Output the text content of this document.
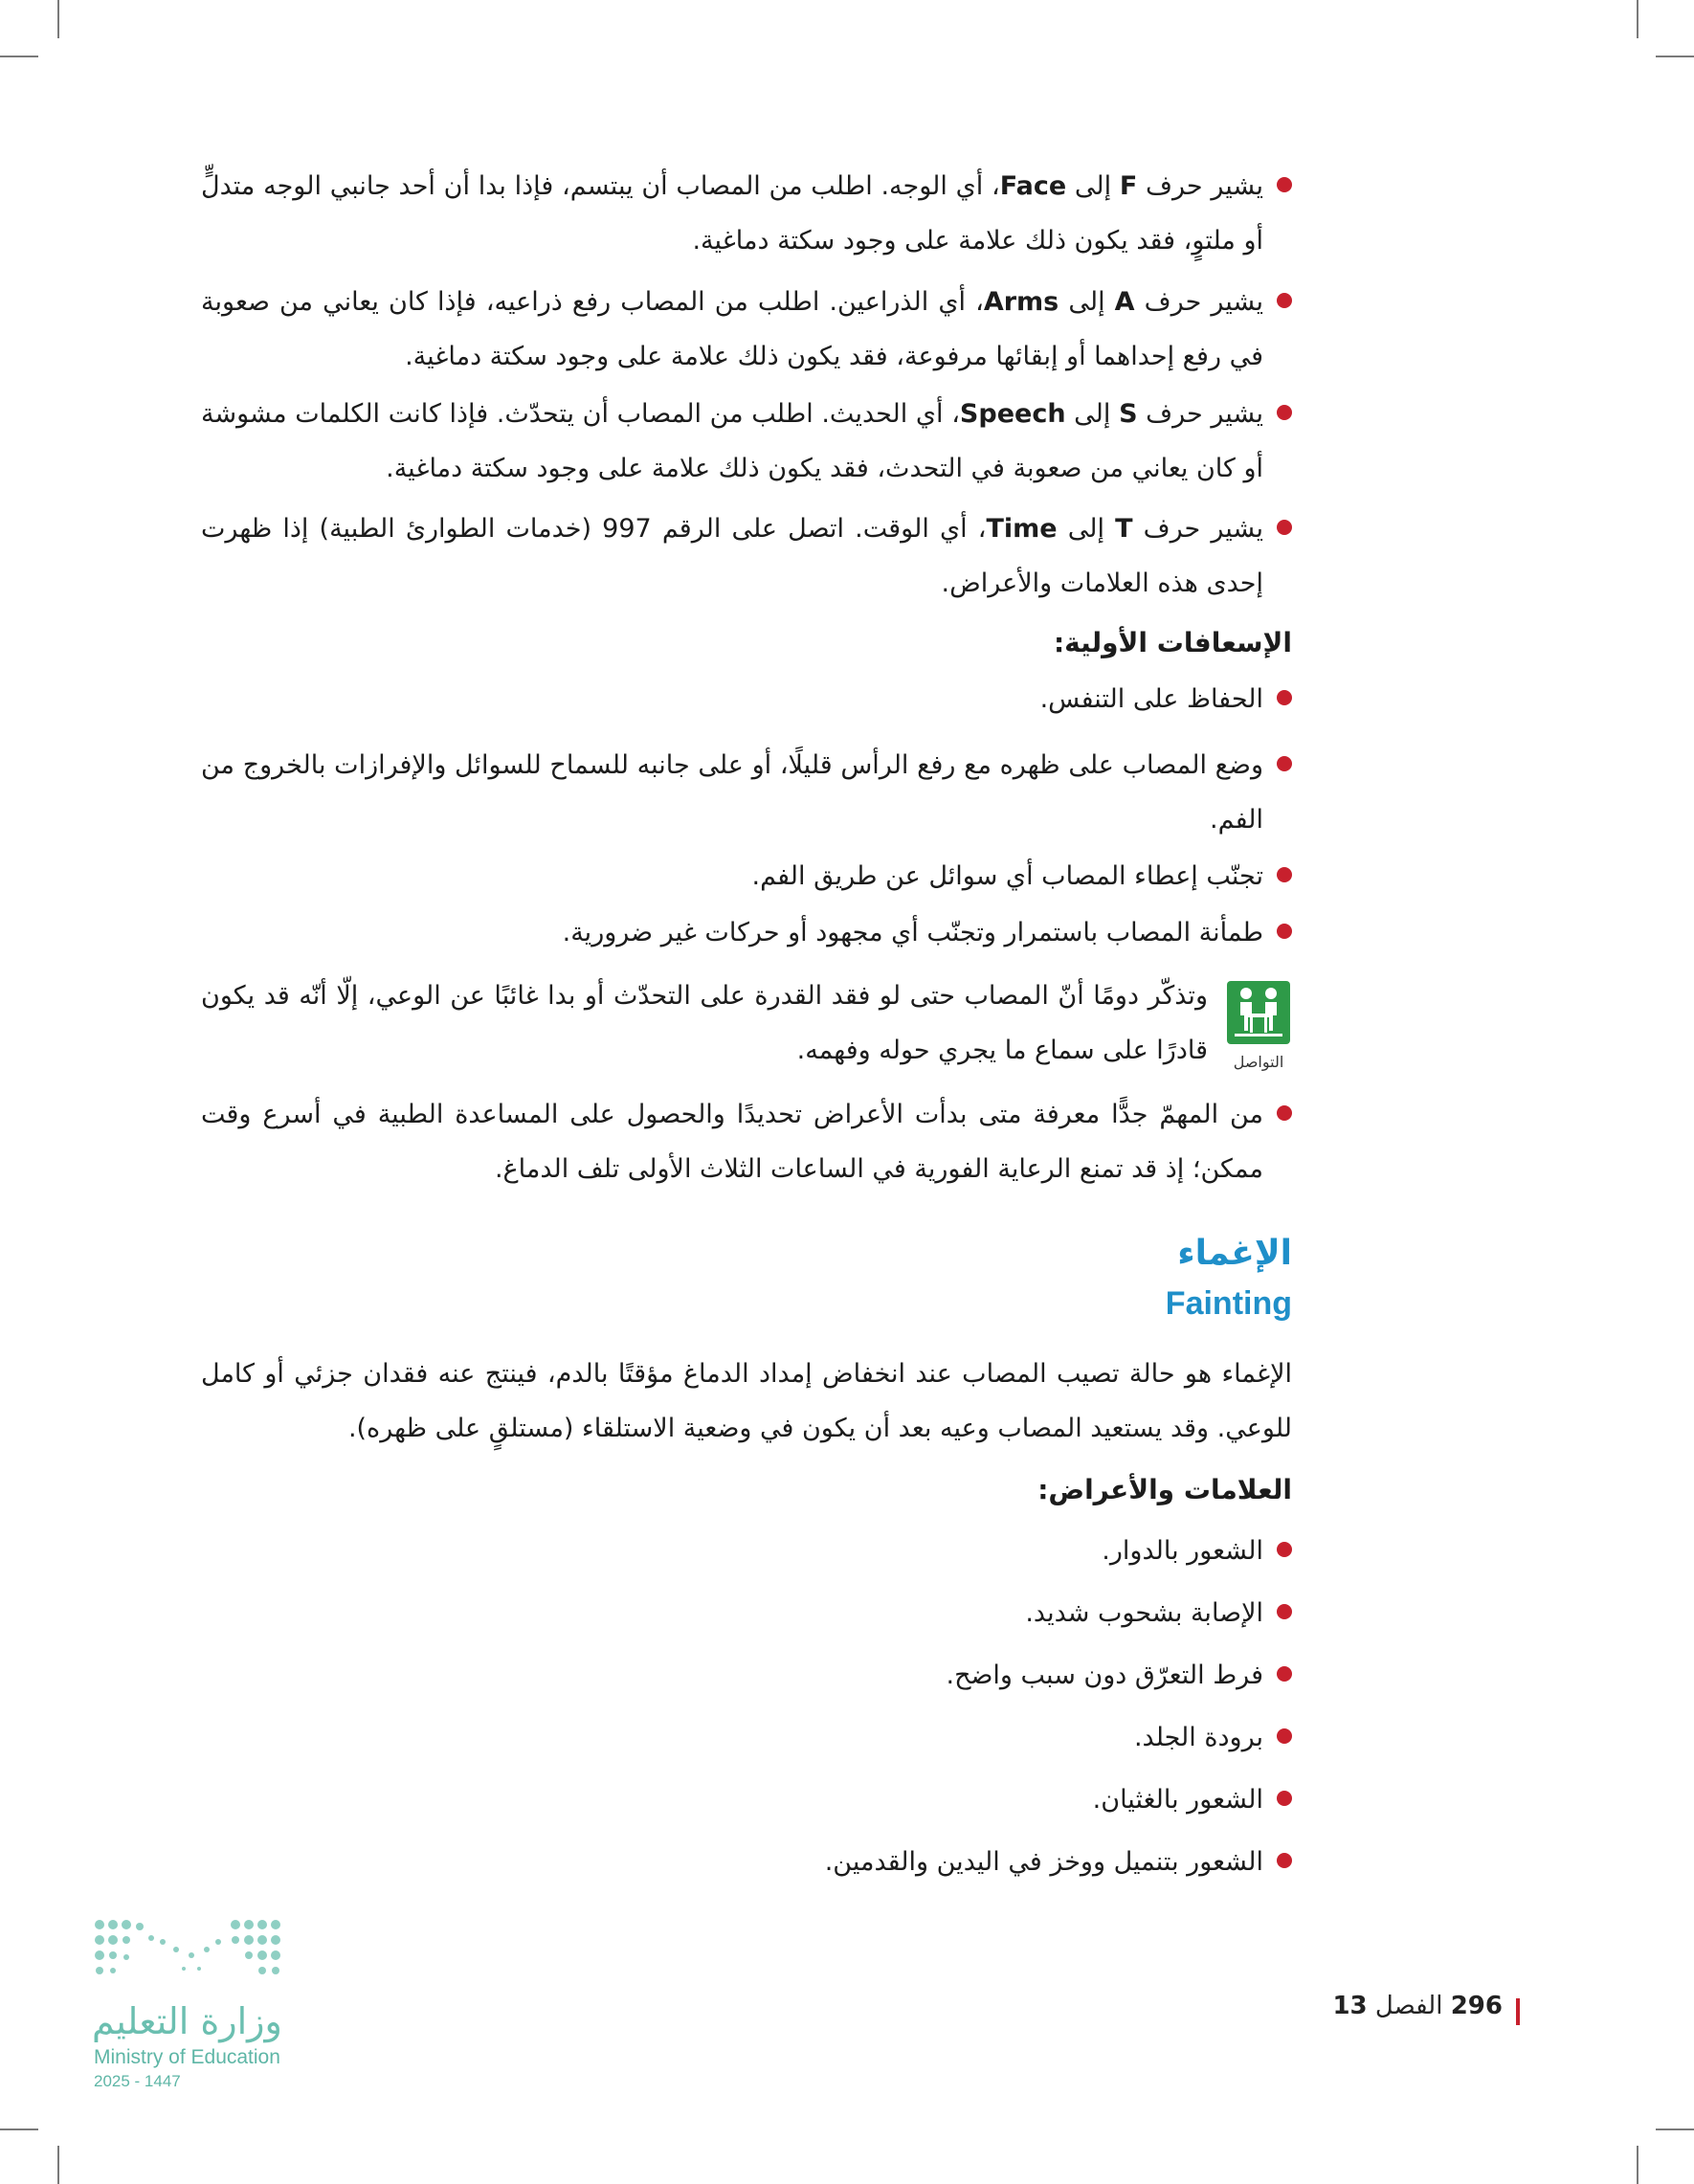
يشير حرف F إلى Face، أي الوجه. اطلب من المصاب أن يبتسم، فإذا بدا أن أحد جانبي الوجه متدلٍّ أو ملتوٍ، فقد يكون ذلك علامة على وجود سكتة دماغية.

يشير حرف A إلى Arms، أي الذراعين. اطلب من المصاب رفع ذراعيه، فإذا كان يعاني من صعوبة في رفع إحداهما أو إبقائها مرفوعة، فقد يكون ذلك علامة على وجود سكتة دماغية.

يشير حرف S إلى Speech، أي الحديث. اطلب من المصاب أن يتحدّث. فإذا كانت الكلمات مشوشة أو كان يعاني من صعوبة في التحدث، فقد يكون ذلك علامة على وجود سكتة دماغية.

يشير حرف T إلى Time، أي الوقت. اتصل على الرقم 997 (خدمات الطوارئ الطبية) إذا ظهرت إحدى هذه العلامات والأعراض.

الإسعافات الأولية:

الحفاظ على التنفس.

وضع المصاب على ظهره مع رفع الرأس قليلًا، أو على جانبه للسماح للسوائل والإفرازات بالخروج من الفم.

تجنّب إعطاء المصاب أي سوائل عن طريق الفم.

طمأنة المصاب باستمرار وتجنّب أي مجهود أو حركات غير ضرورية.

التواصل

وتذكّر دومًا أنّ المصاب حتى لو فقد القدرة على التحدّث أو بدا غائبًا عن الوعي، إلّا أنّه قد يكون قادرًا على سماع ما يجري حوله وفهمه.

من المهمّ جدًّا معرفة متى بدأت الأعراض تحديدًا والحصول على المساعدة الطبية في أسرع وقت ممكن؛ إذ قد تمنع الرعاية الفورية في الساعات الثلاث الأولى تلف الدماغ.

الإغماء
Fainting

الإغماء هو حالة تصيب المصاب عند انخفاض إمداد الدماغ مؤقتًا بالدم، فينتج عنه فقدان جزئي أو كامل للوعي. وقد يستعيد المصاب وعيه بعد أن يكون في وضعية الاستلقاء (مستلقٍ على ظهره).

العلامات والأعراض:

الشعور بالدوار.

الإصابة بشحوب شديد.

فرط التعرّق دون سبب واضح.

برودة الجلد.

الشعور بالغثيان.

الشعور بتنميل ووخز في اليدين والقدمين.

296 الفصل 13
وزارة التعليم
Ministry of Education
2025 - 1447
